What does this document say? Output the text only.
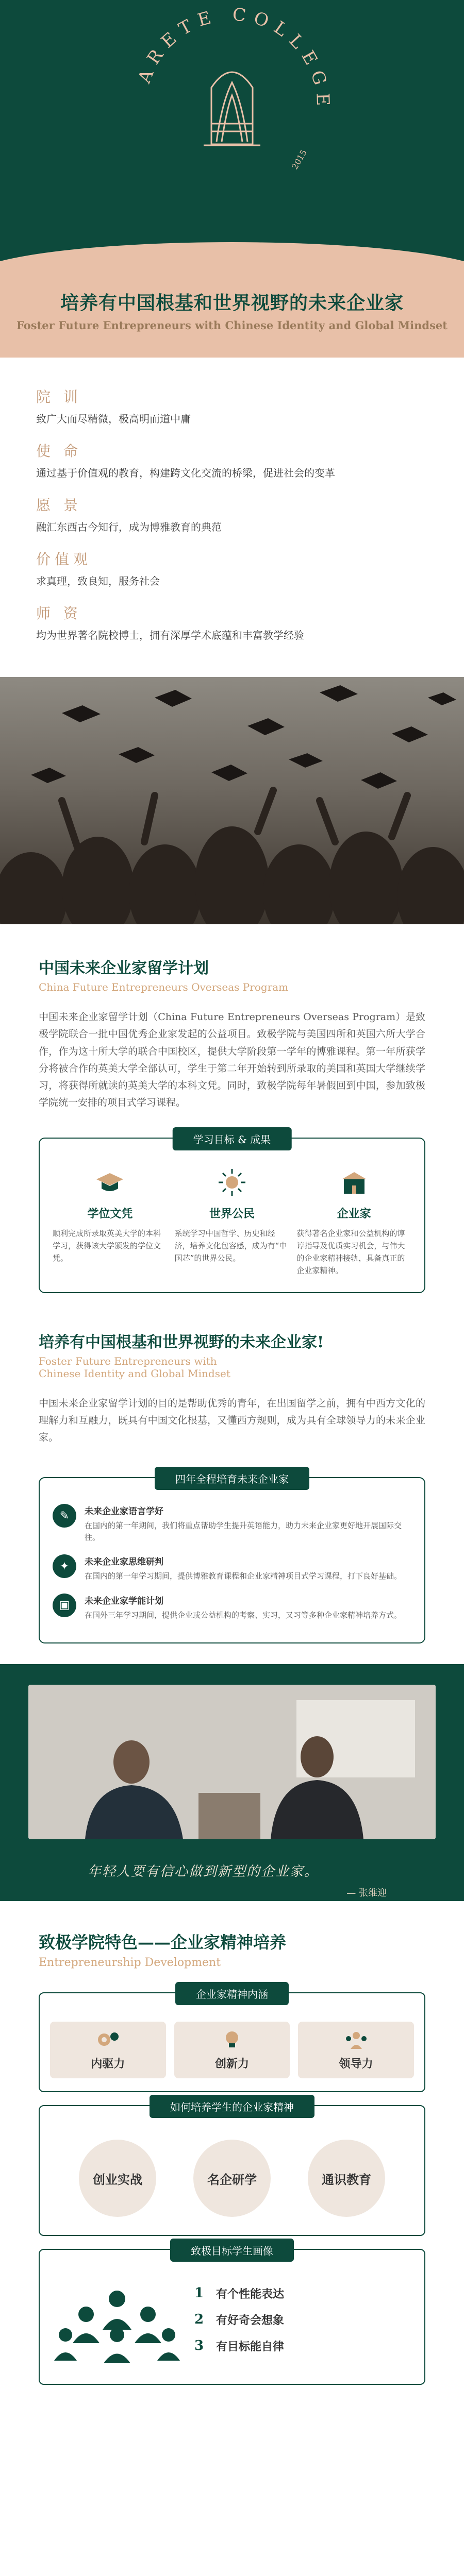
ARETE COLLEGE
2015
培养有中国根基和世界视野的未来企业家
Foster Future Entrepreneurs with Chinese Identity and Global Mindset
院 训
致广大而尽精微，极高明而道中庸
使 命
通过基于价值观的教育，构建跨文化交流的桥梁，促进社会的变革
愿 景
融汇东西古今知行，成为博雅教育的典范
价值观
求真理，致良知，服务社会
师 资
均为世界著名院校博士，拥有深厚学术底蕴和丰富教学经验
中国未来企业家留学计划
China Future Entrepreneurs Overseas Program
中国未来企业家留学计划（China Future Entrepreneurs Overseas Program）是致极学院联合一批中国优秀企业家发起的公益项目。致极学院与美国四所和英国六所大学合作，作为这十所大学的联合中国校区，提供大学阶段第一学年的博雅课程。第一年所获学分将被合作的英美大学全部认可，学生于第二年开始转到所录取的美国和英国大学继续学习，将获得所就读的英美大学的本科文凭。同时，致极学院每年暑假回到中国，参加致极学院统一安排的项目式学习课程。
学习目标 & 成果
学位文凭
顺利完成所录取英美大学的本科学习，获得该大学颁发的学位文凭。
世界公民
系统学习中国哲学、历史和经济，培养文化包容感，成为有“中国芯”的世界公民。
企业家
获得著名企业家和公益机构的谆谆指导及优质实习机会，与伟大的企业家精神接轨，具备真正的企业家精神。
培养有中国根基和世界视野的未来企业家!
Foster Future Entrepreneurs with
Chinese Identity and Global Mindset
中国未来企业家留学计划的目的是帮助优秀的青年，在出国留学之前，拥有中西方文化的理解力和互融力，既具有中国文化根基，又懂西方规则，成为具有全球领导力的未来企业家。
四年全程培育未来企业家
✎	未来企业家语言学好
在国内的第一年期间，我们将重点帮助学生提升英语能力，助力未来企业家更好地开展国际交往。
✦	未来企业家思维研判
在国内的第一年学习期间，提供博雅教育课程和企业家精神项目式学习课程，打下良好基础。
▣	未来企业家学能计划
在国外三年学习期间，提供企业或公益机构的考察、实习，又习等多种企业家精神培养方式。
年轻人要有信心做到新型的企业家。
— 张维迎
致极学院特色——企业家精神培养
Entrepreneurship Development
企业家精神内涵
内驱力	创新力	领导力
如何培养学生的企业家精神
创业实战	名企研学	通识教育
致极目标学生画像
1 有个性能表达
2 有好奇会想象
3 有目标能自律
